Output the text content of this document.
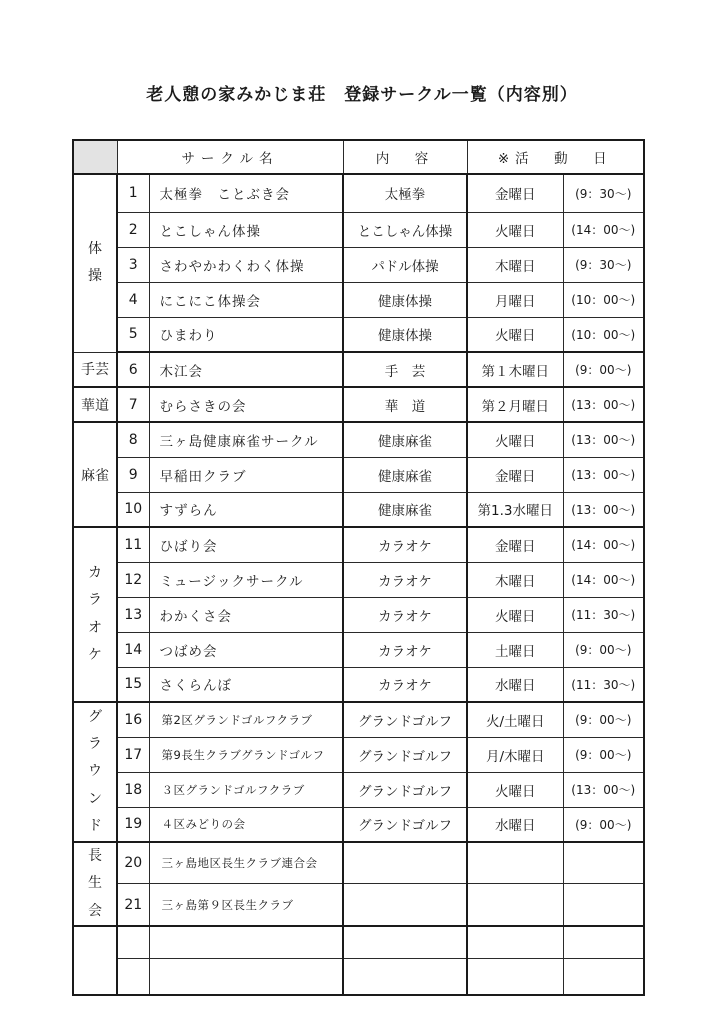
老人憩の家みかじま荘　登録サークル一覧（内容別）
	サークル名		内　容	※活　動　日	
体操	1	太極拳　ことぶき会	太極拳	金曜日	(9：30〜)
	2	とこしゃん体操	とこしゃん体操	火曜日	(14：00〜)
	3	さわやかわくわく体操	パドル体操	木曜日	(9：30〜)
	4	にこにこ体操会	健康体操	月曜日	(10：00〜)
	5	ひまわり	健康体操	火曜日	(10：00〜)
手芸	6	木江会	手　芸	第１木曜日	(9：00〜)
華道	7	むらさきの会	華　道	第２月曜日	(13：00〜)
麻雀	8	三ヶ島健康麻雀サークル	健康麻雀	火曜日	(13：00〜)
	9	早稲田クラブ	健康麻雀	金曜日	(13：00〜)
	10	すずらん	健康麻雀	第1.3水曜日	(13：00〜)
カラオケ	11	ひばり会	カラオケ	金曜日	(14：00〜)
	12	ミュージックサークル	カラオケ	木曜日	(14：00〜)
	13	わかくさ会	カラオケ	火曜日	(11：30〜)
	14	つばめ会	カラオケ	土曜日	(9：00〜)
	15	さくらんぼ	カラオケ	水曜日	(11：30〜)
グラウンド	16	第2区グランドゴルフクラブ	グランドゴルフ	火/土曜日	(9：00〜)
	17	第9長生クラブグランドゴルフ	グランドゴルフ	月/木曜日	(9：00〜)
	18	３区グランドゴルフクラブ	グランドゴルフ	火曜日	(13：00〜)
	19	４区みどりの会	グランドゴルフ	水曜日	(9：00〜)
長生会	20	三ヶ島地区長生クラブ連合会			
	21	三ヶ島第９区長生クラブ			
